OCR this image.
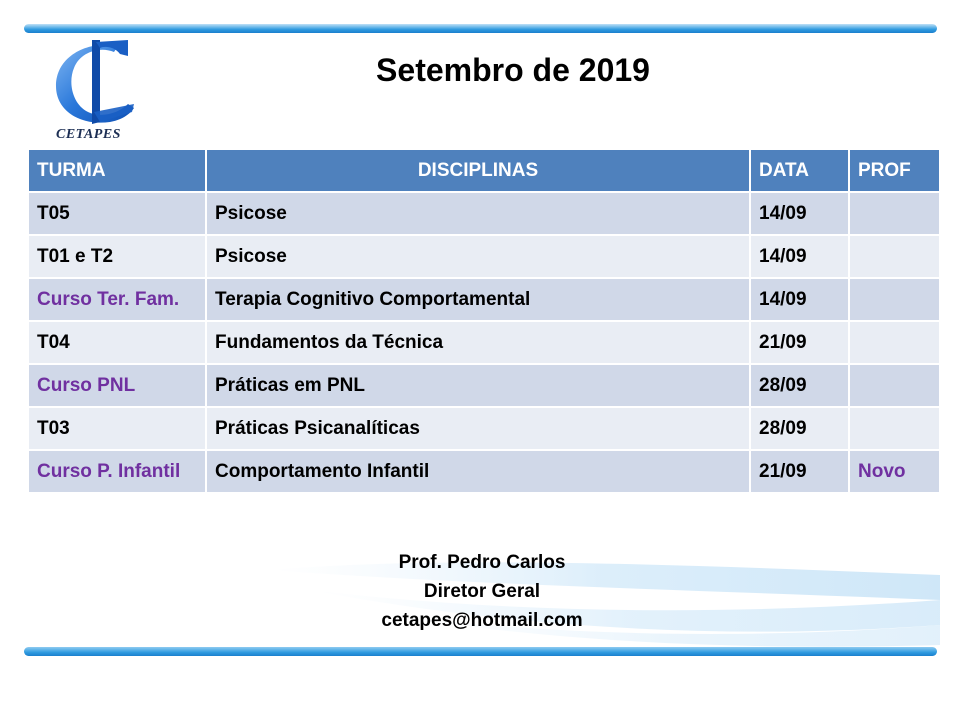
CETAPES
Setembro de 2019
TURMA	DISCIPLINAS	DATA	PROF
T05	Psicose	14/09	
T01 e T2	Psicose	14/09	
Curso Ter. Fam.	Terapia Cognitivo Comportamental	14/09	
T04	Fundamentos da Técnica	21/09	
Curso PNL	Práticas em PNL	28/09	
T03	Práticas Psicanalíticas	28/09	
Curso P. Infantil	Comportamento Infantil	21/09	Novo
Prof. Pedro Carlos
Diretor Geral
cetapes@hotmail.com
